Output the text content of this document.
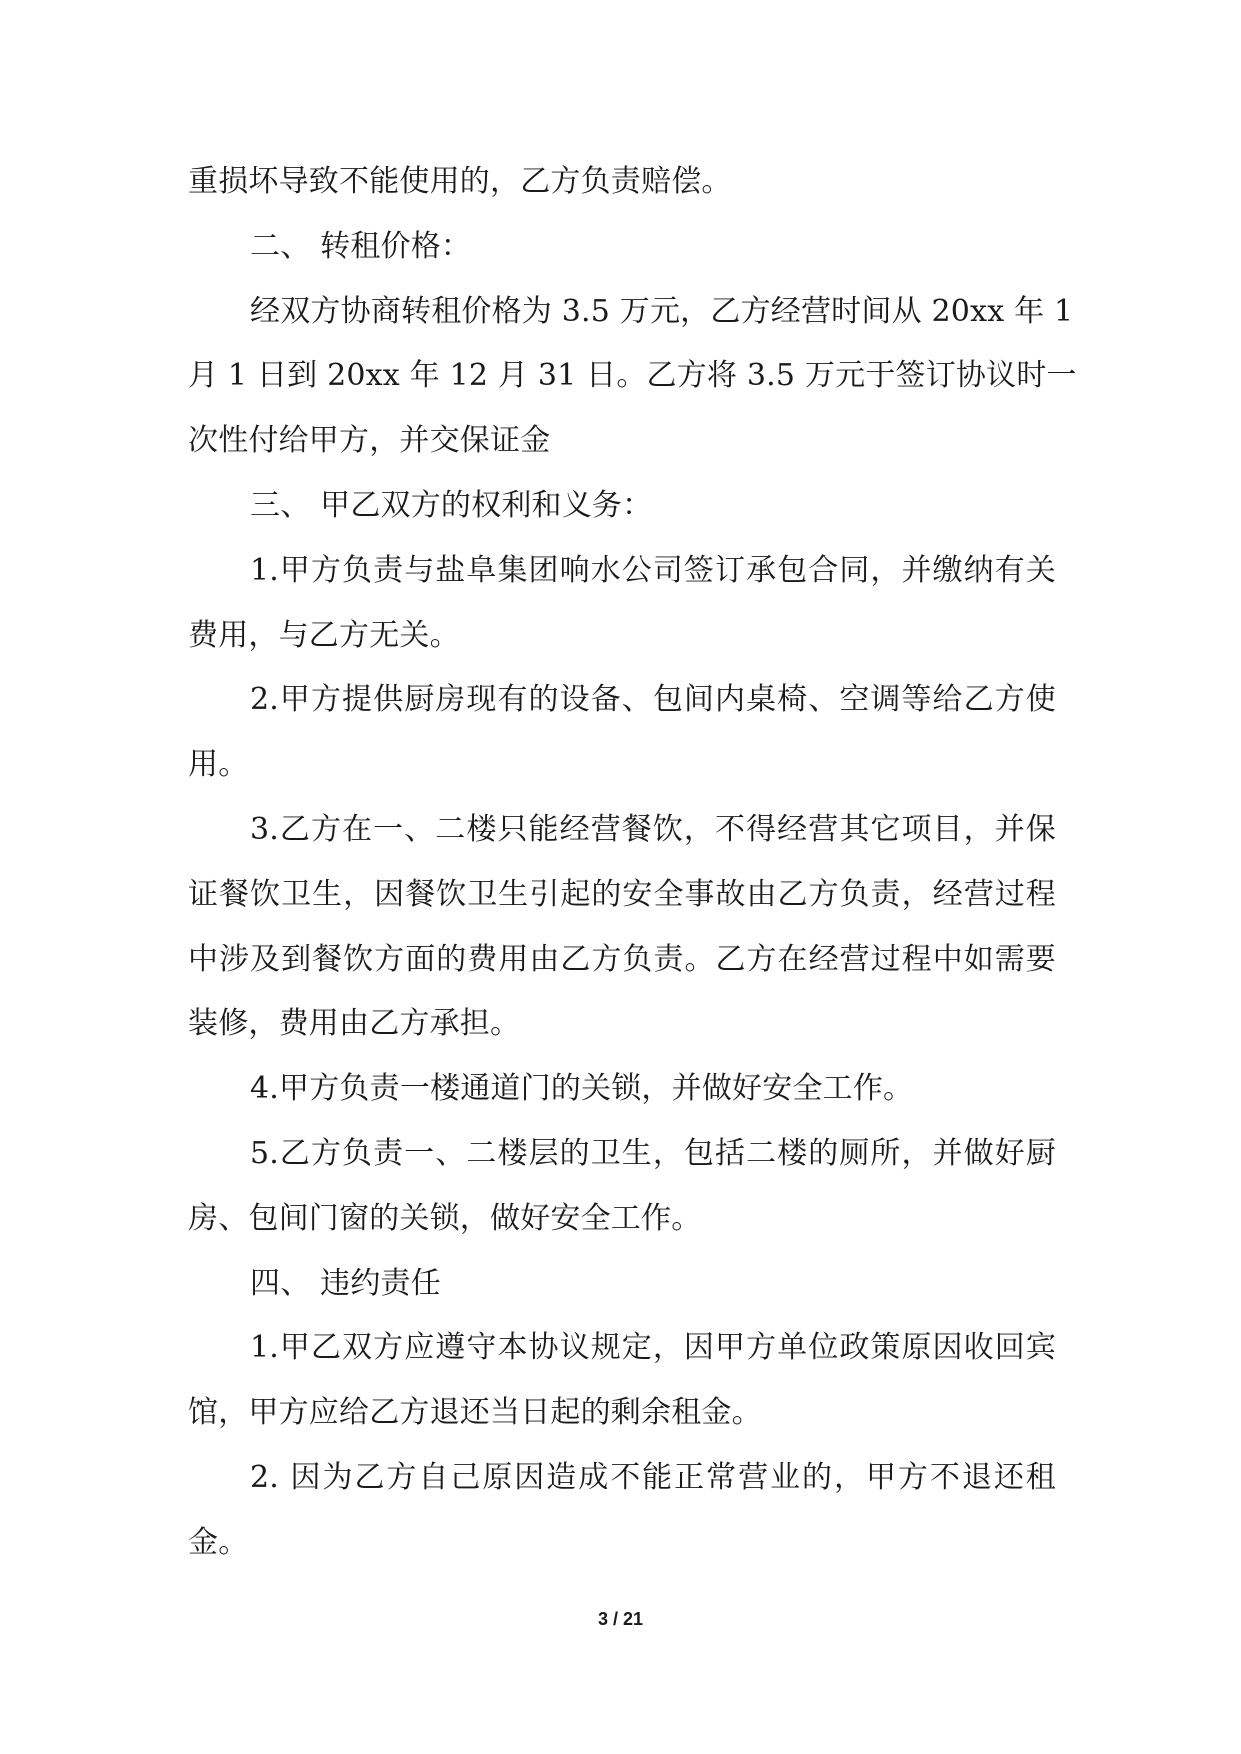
重损坏导致不能使用的，乙方负责赔偿。
二、 转租价格：
经双方协商转租价格为 3.5 万元，乙方经营时间从 20xx 年 1
月 1 日到 20xx 年 12 月 31 日。乙方将 3.5 万元于签订协议时一
次性付给甲方，并交保证金
三、 甲乙双方的权利和义务：
1.甲方负责与盐阜集团响水公司签订承包合同，并缴纳有关
费用，与乙方无关。
2.甲方提供厨房现有的设备、包间内桌椅、空调等给乙方使
用。
3.乙方在一、二楼只能经营餐饮，不得经营其它项目，并保
证餐饮卫生，因餐饮卫生引起的安全事故由乙方负责，经营过程
中涉及到餐饮方面的费用由乙方负责。乙方在经营过程中如需要
装修，费用由乙方承担。
4.甲方负责一楼通道门的关锁，并做好安全工作。
5.乙方负责一、二楼层的卫生，包括二楼的厕所，并做好厨
房、包间门窗的关锁，做好安全工作。
四、 违约责任
1.甲乙双方应遵守本协议规定，因甲方单位政策原因收回宾
馆，甲方应给乙方退还当日起的剩余租金。
2. 因为乙方自己原因造成不能正常营业的，甲方不退还租
金。
3 / 21
